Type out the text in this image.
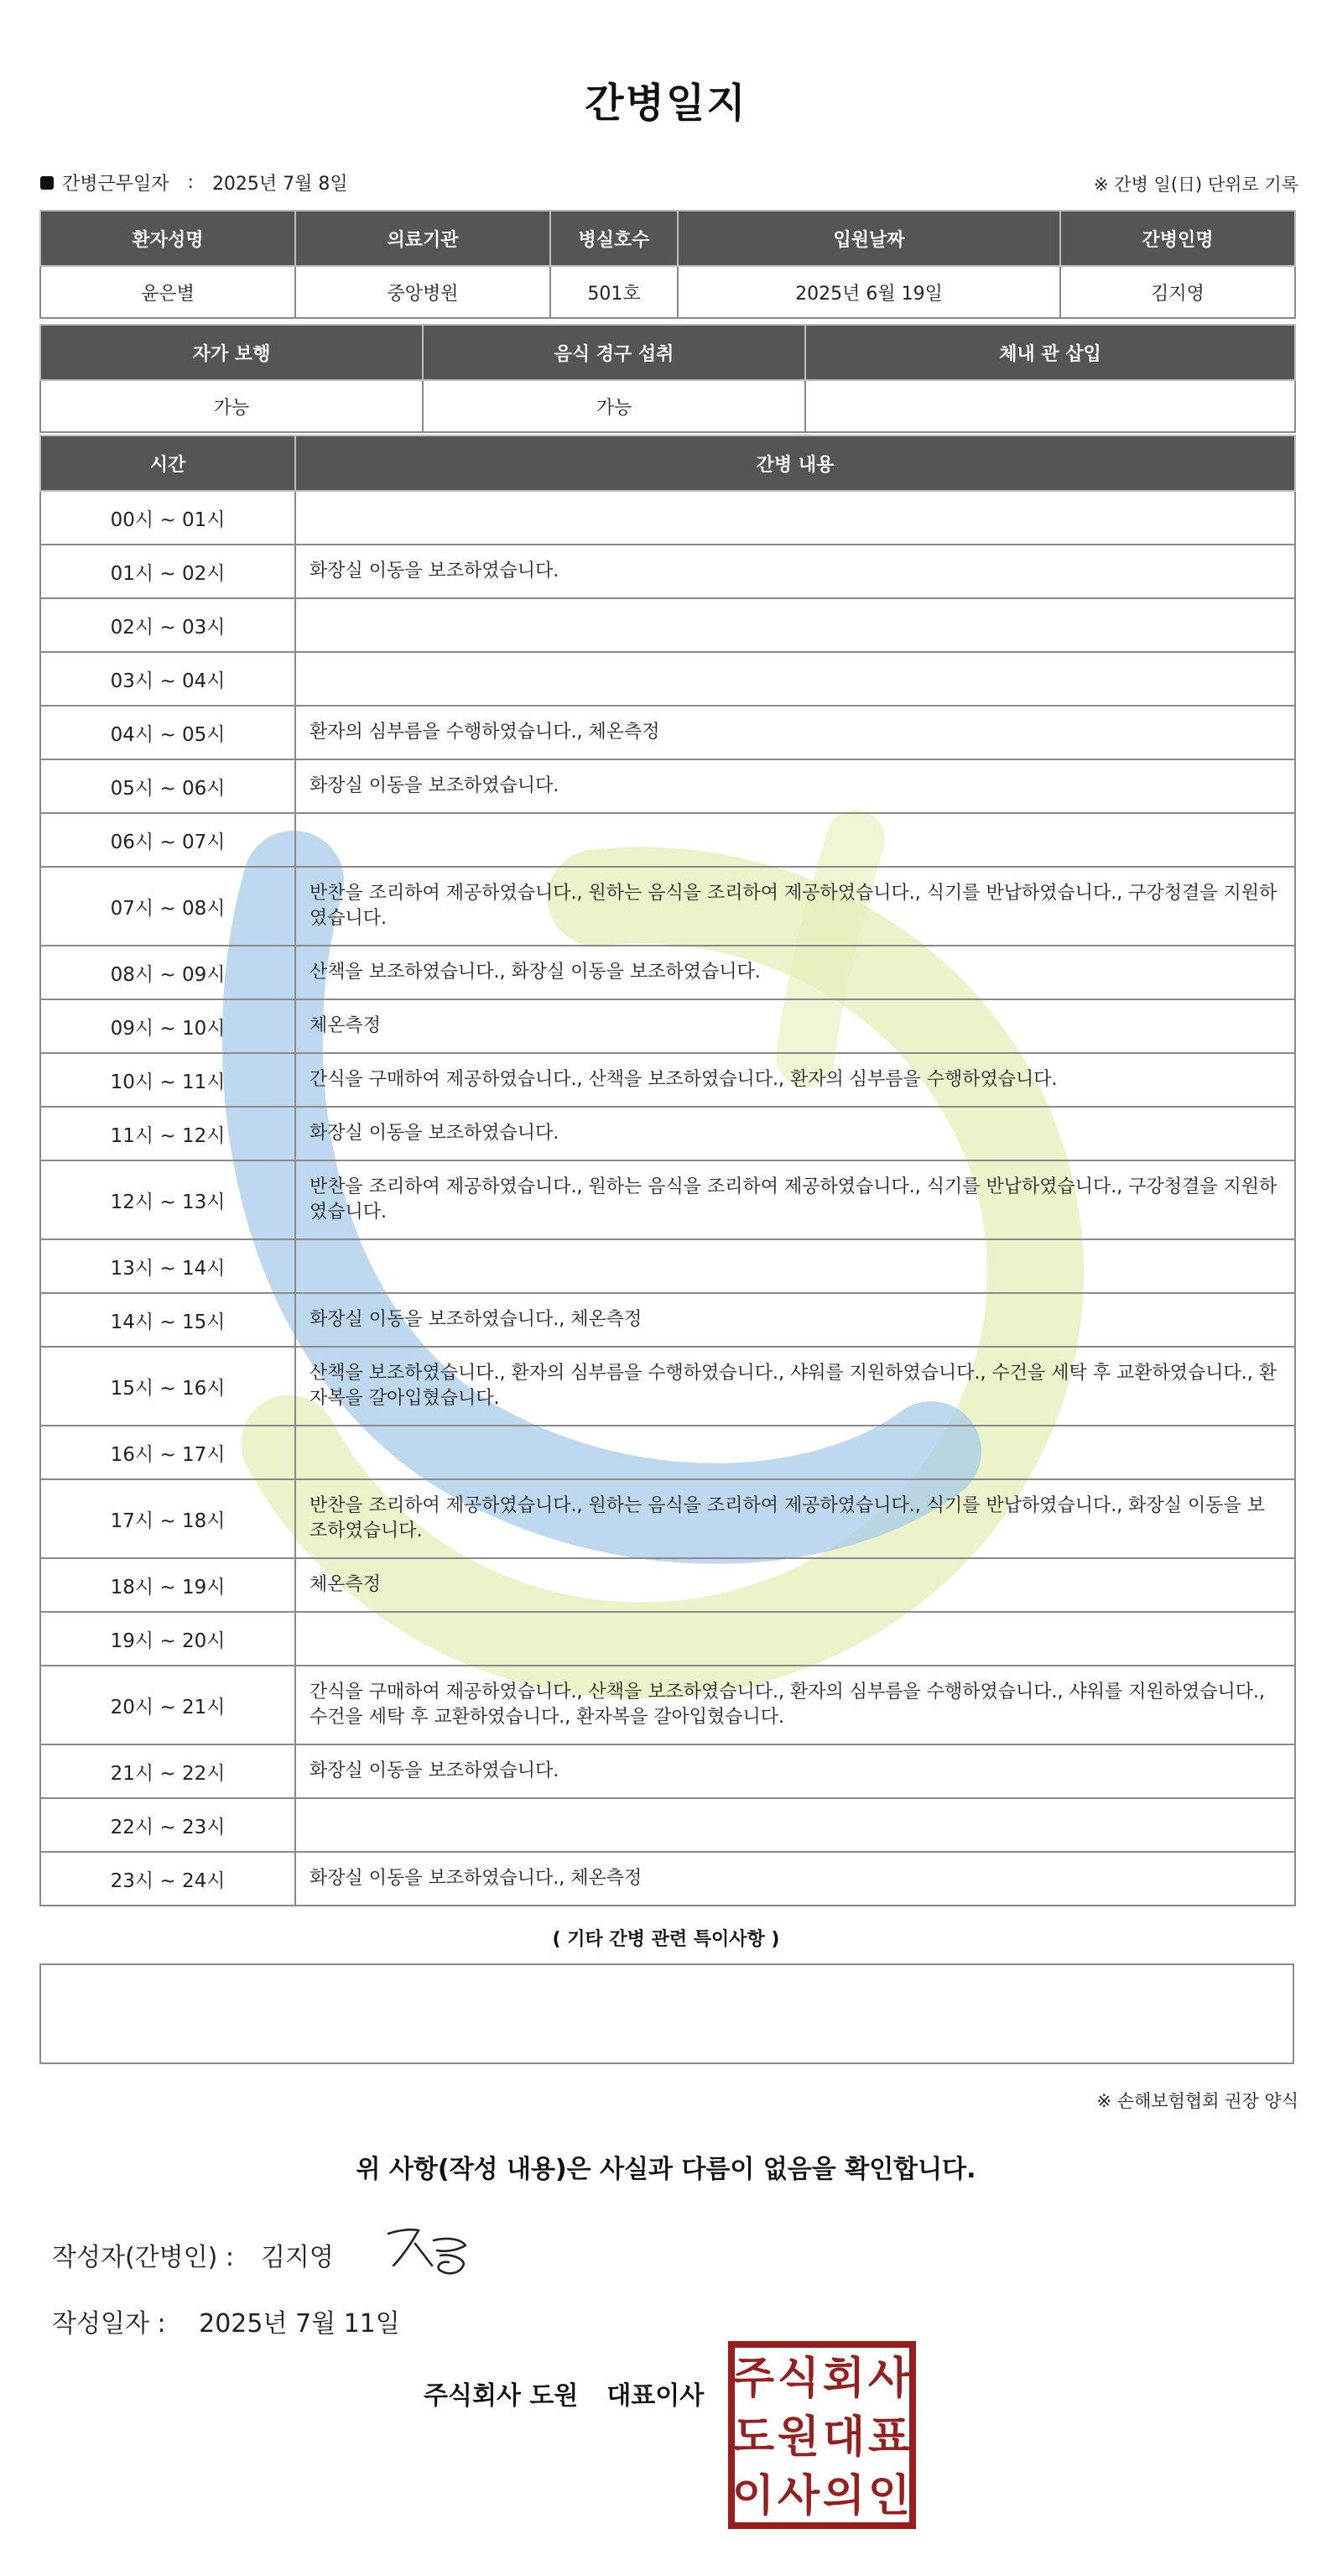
간병일지
간병근무일자 : 2025년 7월 8일	※ 간병 일(日) 단위로 기록
환자성명	의료기관	병실호수	입원날짜	간병인명
윤은별	중앙병원	501호	2025년 6월 19일	김지영
자가 보행	음식 경구 섭취	체내 관 삽입
가능	가능	
시간	간병 내용
00시 ~ 01시	
01시 ~ 02시	화장실 이동을 보조하였습니다.
02시 ~ 03시	
03시 ~ 04시	
04시 ~ 05시	환자의 심부름을 수행하였습니다., 체온측정
05시 ~ 06시	화장실 이동을 보조하였습니다.
06시 ~ 07시	
07시 ~ 08시	반찬을 조리하여 제공하였습니다., 원하는 음식을 조리하여 제공하였습니다., 식기를 반납하였습니다., 구강청결을 지원하였습니다.
08시 ~ 09시	산책을 보조하였습니다., 화장실 이동을 보조하였습니다.
09시 ~ 10시	체온측정
10시 ~ 11시	간식을 구매하여 제공하였습니다., 산책을 보조하였습니다., 환자의 심부름을 수행하였습니다.
11시 ~ 12시	화장실 이동을 보조하였습니다.
12시 ~ 13시	반찬을 조리하여 제공하였습니다., 원하는 음식을 조리하여 제공하였습니다., 식기를 반납하였습니다., 구강청결을 지원하였습니다.
13시 ~ 14시	
14시 ~ 15시	화장실 이동을 보조하였습니다., 체온측정
15시 ~ 16시	산책을 보조하였습니다., 환자의 심부름을 수행하였습니다., 샤워를 지원하였습니다., 수건을 세탁 후 교환하였습니다., 환자복을 갈아입혔습니다.
16시 ~ 17시	
17시 ~ 18시	반찬을 조리하여 제공하였습니다., 원하는 음식을 조리하여 제공하였습니다., 식기를 반납하였습니다., 화장실 이동을 보조하였습니다.
18시 ~ 19시	체온측정
19시 ~ 20시	
20시 ~ 21시	간식을 구매하여 제공하였습니다., 산책을 보조하였습니다., 환자의 심부름을 수행하였습니다., 샤워를 지원하였습니다., 수건을 세탁 후 교환하였습니다., 환자복을 갈아입혔습니다.
21시 ~ 22시	화장실 이동을 보조하였습니다.
22시 ~ 23시	
23시 ~ 24시	화장실 이동을 보조하였습니다., 체온측정
( 기타 간병 관련 특이사항 )
※ 손해보험협회 권장 양식
위 사항(작성 내용)은 사실과 다름이 없음을 확인합니다.
작성자(간병인) : 김지영
작성일자 : 2025년 7월 11일
주식회사 도원 대표이사 주 식 회 사
도 원 대 표
이 사 의 인
